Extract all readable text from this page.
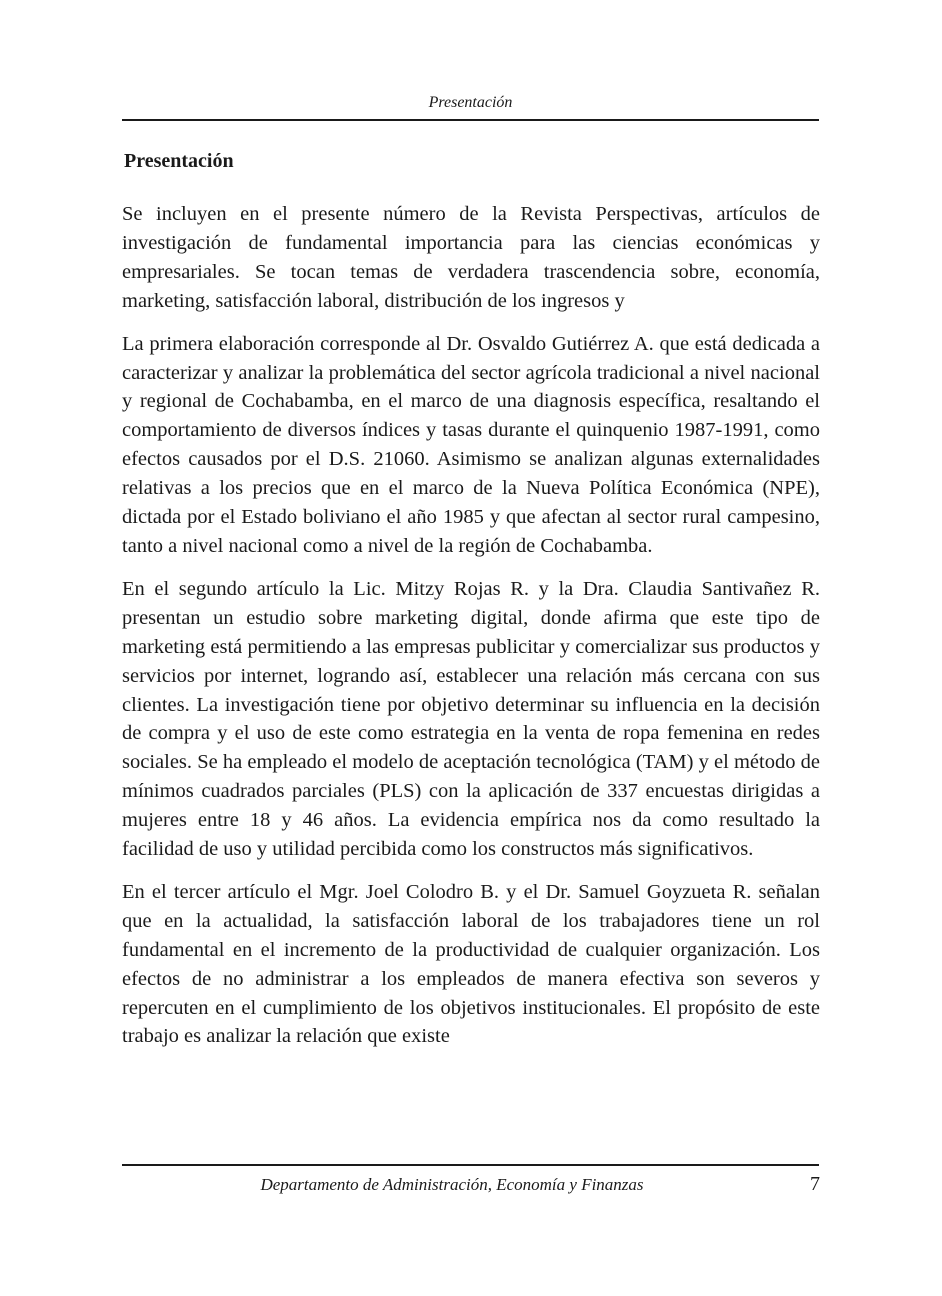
Presentación
Presentación

Se incluyen en el presente número de la Revista Perspectivas, artículos de investigación de fundamental importancia para las ciencias económicas y empresariales. Se tocan temas de verdadera trascendencia sobre, economía, marketing, satisfacción laboral, distribución de los ingresos y

La primera elaboración corresponde al Dr. Osvaldo Gutiérrez A. que está dedicada a caracterizar y analizar la problemática del sector agrícola tradicional a nivel nacional y regional de Cochabamba, en el marco de una diagnosis específica, resaltando el comportamiento de diversos índices y tasas durante el quinquenio 1987-1991, como efectos causados por el D.S. 21060. Asimismo se analizan algunas externalidades relativas a los precios que en el marco de la Nueva Política Económica (NPE), dictada por el Estado boliviano el año 1985 y que afectan al sector rural campesino, tanto a nivel nacional como a nivel de la región de Cochabamba.

En el segundo artículo la Lic. Mitzy Rojas R. y la Dra. Claudia Santivañez R. presentan un estudio sobre marketing digital, donde afirma que este tipo de marketing está permitiendo a las empresas publicitar y comercializar sus productos y servicios por internet, logrando así, establecer una relación más cercana con sus clientes. La investigación tiene por objetivo determinar su influencia en la decisión de compra y el uso de este como estrategia en la venta de ropa femenina en redes sociales. Se ha empleado el modelo de aceptación tecnológica (TAM) y el método de mínimos cuadrados parciales (PLS) con la aplicación de 337 encuestas dirigidas a mujeres entre 18 y 46 años. La evidencia empírica nos da como resultado la facilidad de uso y utilidad percibida como los constructos más significativos.

En el tercer artículo el Mgr. Joel Colodro B. y el Dr. Samuel Goyzueta R. señalan que en la actualidad, la satisfacción laboral de los trabajadores tiene un rol fundamental en el incremento de la productividad de cualquier organización. Los efectos de no administrar a los empleados de manera efectiva son severos y repercuten en el cumplimiento de los objetivos institucionales. El propósito de este trabajo es analizar la relación que existe

Departamento de Administración, Economía y Finanzas	7
